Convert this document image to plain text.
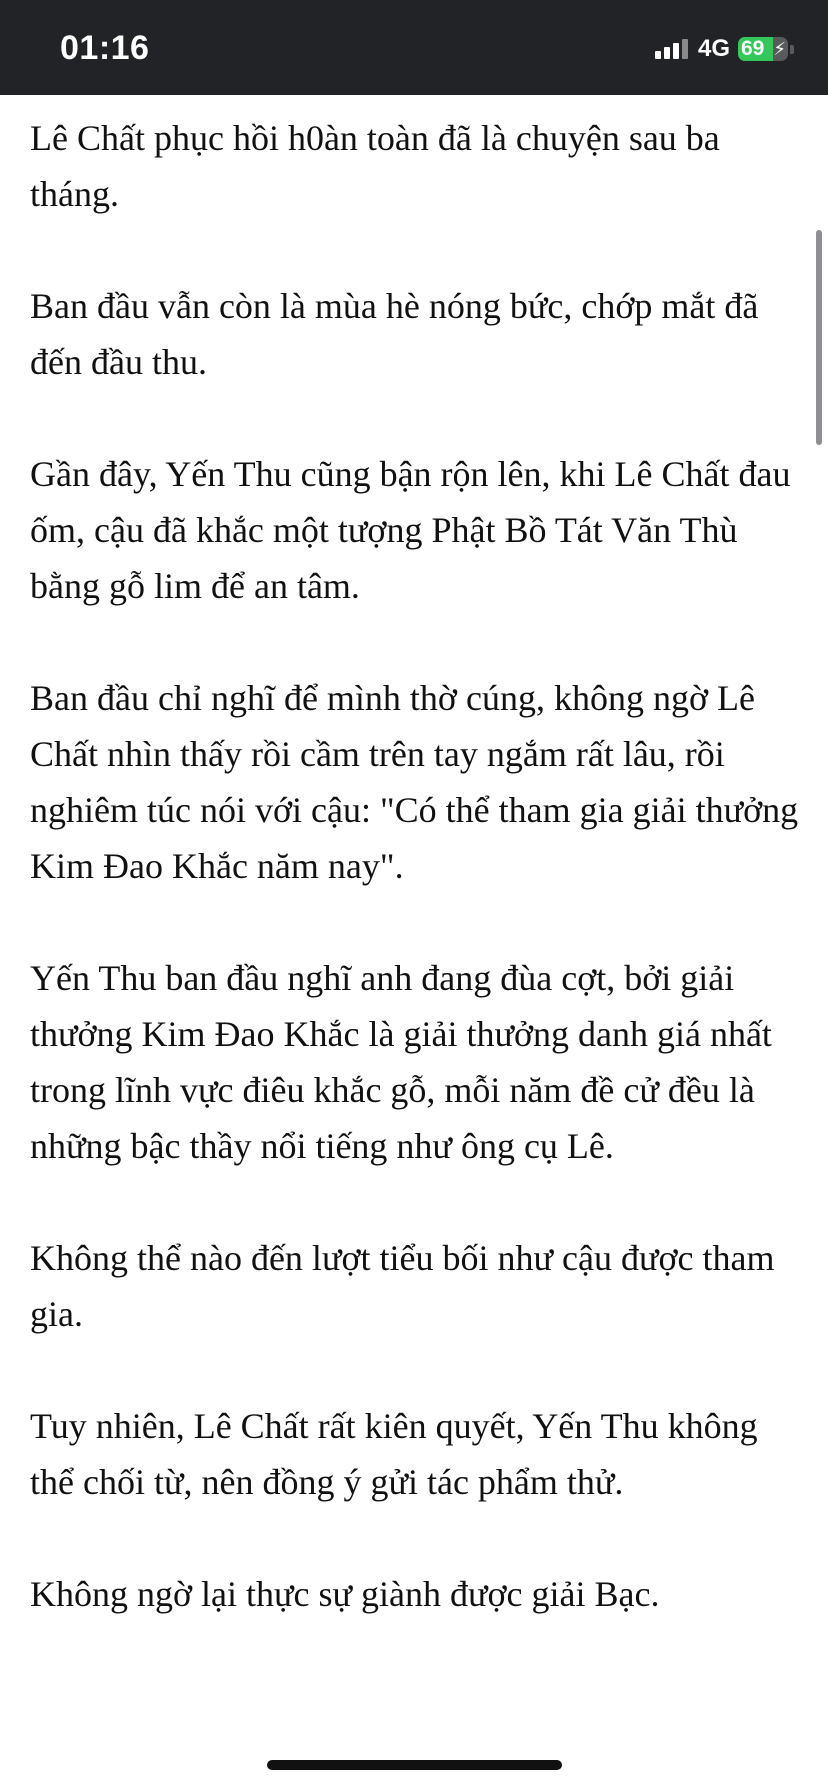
01:16	4G 69 ⚡︎

Lê Chất phục hồi h0àn toàn đã là chuyện sau ba tháng.

Ban đầu vẫn còn là mùa hè nóng bức, chớp mắt đã đến đầu thu.

Gần đây, Yến Thu cũng bận rộn lên, khi Lê Chất đau ốm, cậu đã khắc một tượng Phật Bồ Tát Văn Thù bằng gỗ lim để an tâm.

Ban đầu chỉ nghĩ để mình thờ cúng, không ngờ Lê Chất nhìn thấy rồi cầm trên tay ngắm rất lâu, rồi nghiêm túc nói với cậu: "Có thể tham gia giải thưởng Kim Đao Khắc năm nay".

Yến Thu ban đầu nghĩ anh đang đùa cợt, bởi giải thưởng Kim Đao Khắc là giải thưởng danh giá nhất trong lĩnh vực điêu khắc gỗ, mỗi năm đề cử đều là những bậc thầy nổi tiếng như ông cụ Lê.

Không thể nào đến lượt tiểu bối như cậu được tham gia.

Tuy nhiên, Lê Chất rất kiên quyết, Yến Thu không thể chối từ, nên đồng ý gửi tác phẩm thử.

Không ngờ lại thực sự giành được giải Bạc.
